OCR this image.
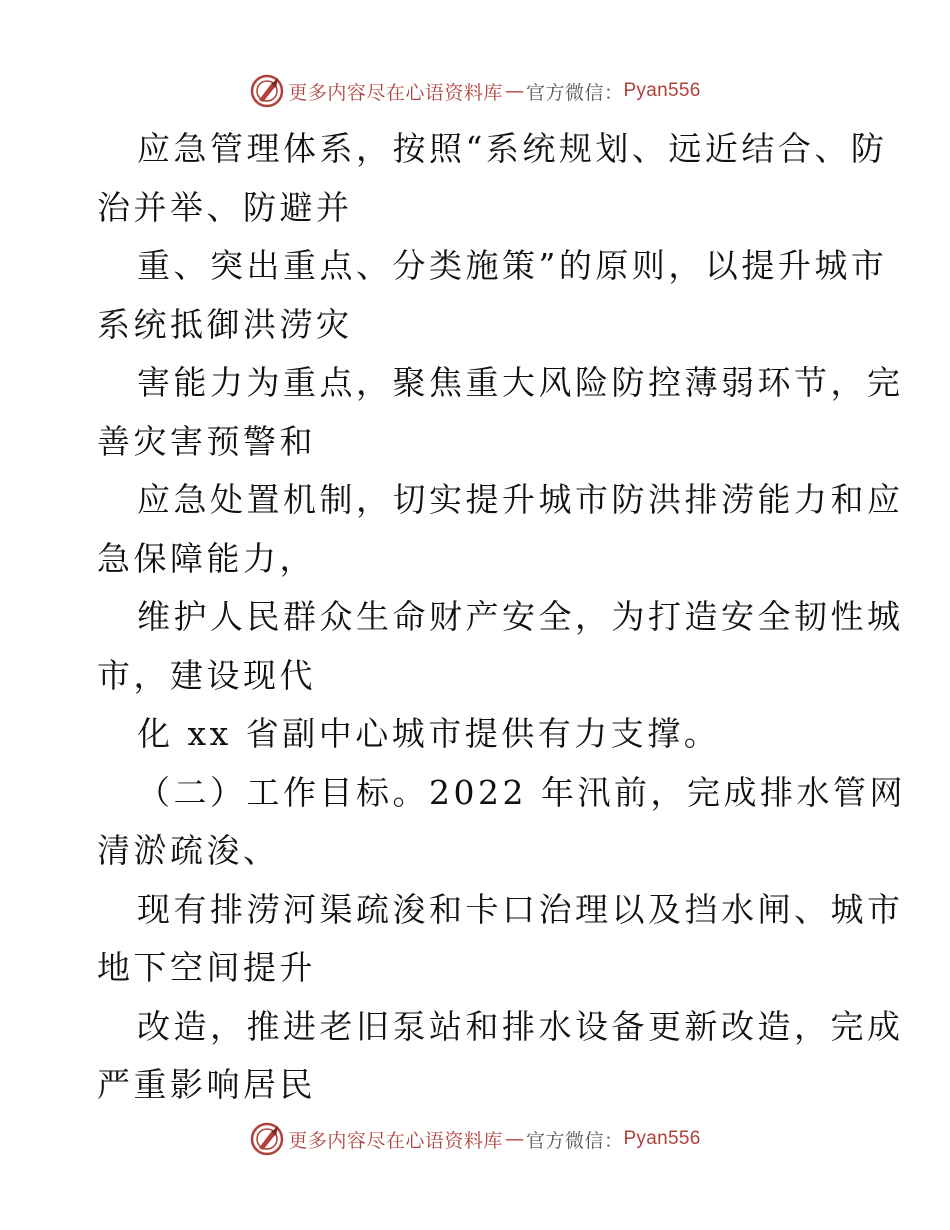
更多内容尽在心语资料库 — 官方微信： Pyan556
应急管理体系，按照“系统规划、远近结合、防
治并举、防避并
重、突出重点、分类施策”的原则，以提升城市
系统抵御洪涝灾
害能力为重点，聚焦重大风险防控薄弱环节，完
善灾害预警和
应急处置机制，切实提升城市防洪排涝能力和应
急保障能力，
维护人民群众生命财产安全，为打造安全韧性城
市，建设现代
化 xx 省副中心城市提供有力支撑。
（二）工作目标。2022 年汛前，完成排水管网
清淤疏浚、
现有排涝河渠疏浚和卡口治理以及挡水闸、城市
地下空间提升
改造，推进老旧泵站和排水设备更新改造，完成
严重影响居民
更多内容尽在心语资料库 — 官方微信： Pyan556
